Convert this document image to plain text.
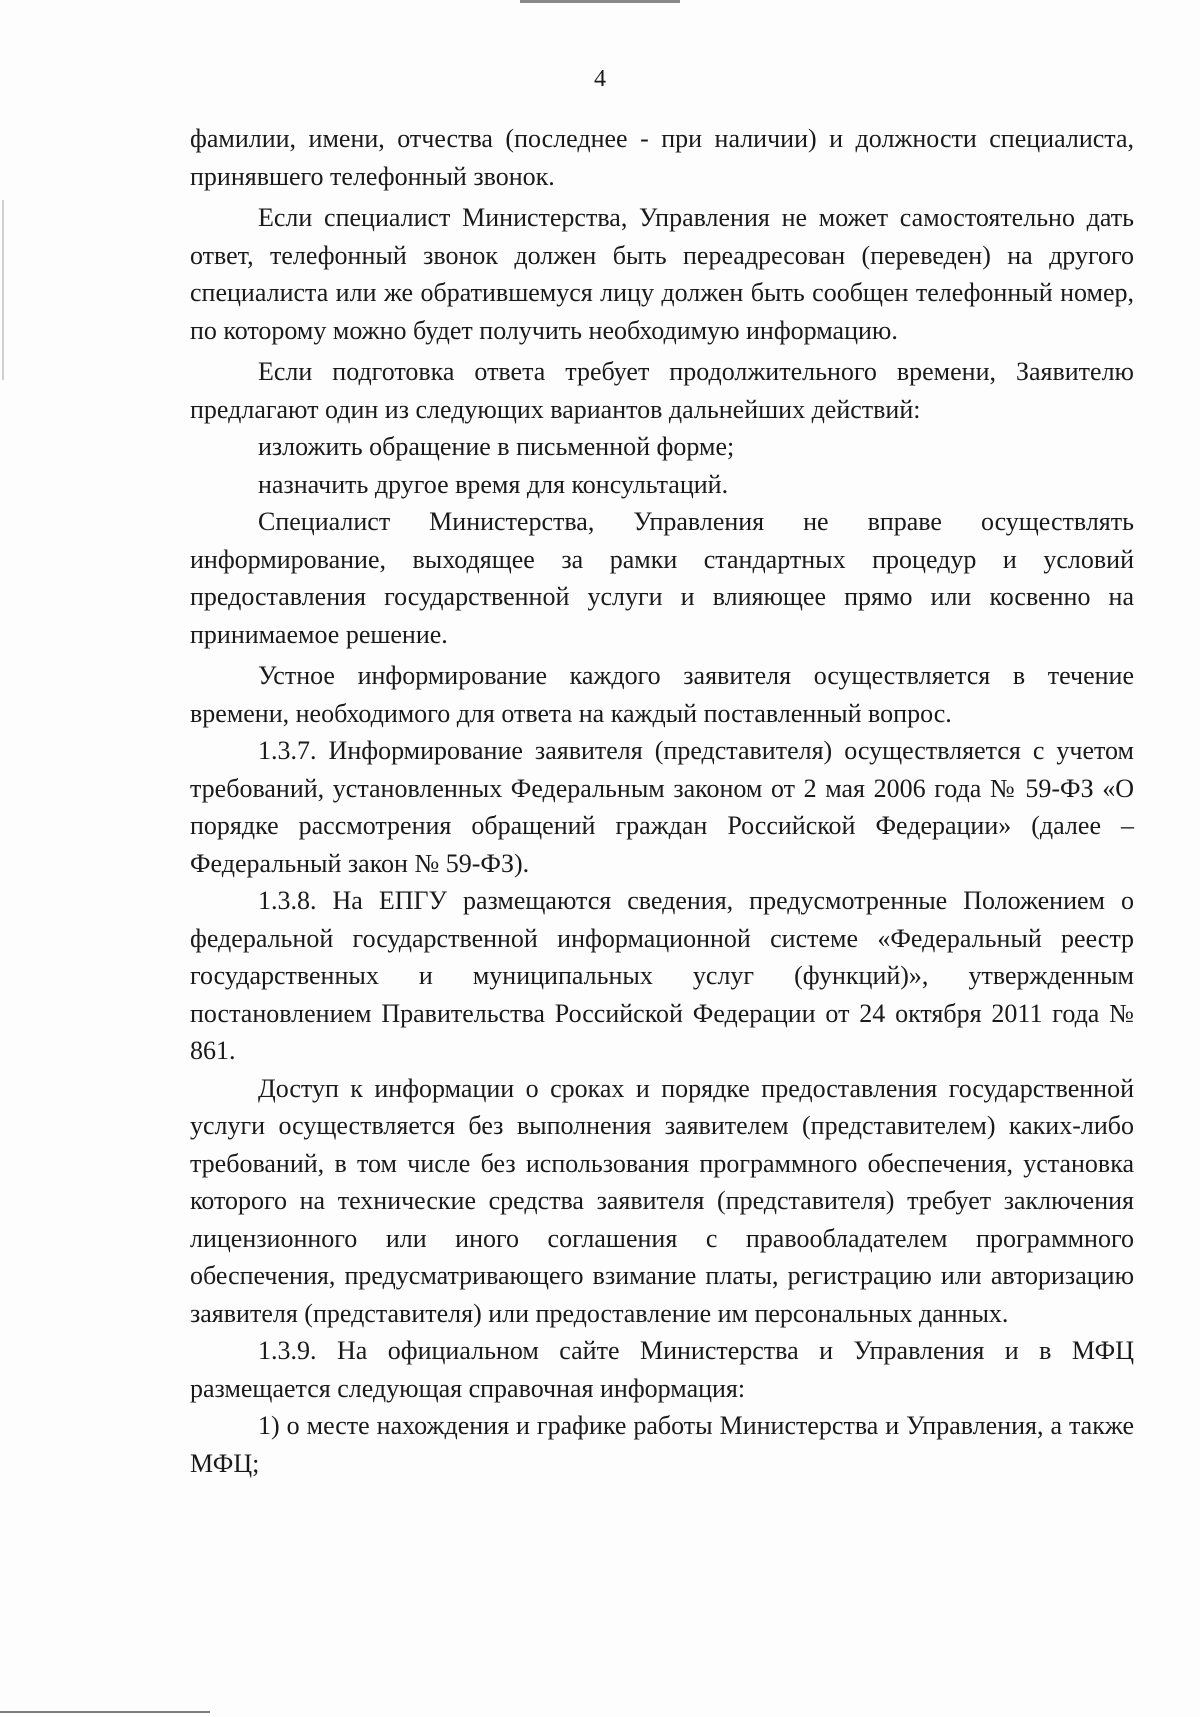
4

фамилии, имени, отчества (последнее - при наличии) и должности специалиста, принявшего телефонный звонок.

Если специалист Министерства, Управления не может самостоятельно дать ответ, телефонный звонок должен быть переадресован (переведен) на другого специалиста или же обратившемуся лицу должен быть сообщен телефонный номер, по которому можно будет получить необходимую информацию.

Если подготовка ответа требует продолжительного времени, Заявителю предлагают один из следующих вариантов дальнейших действий:

изложить обращение в письменной форме;

назначить другое время для консультаций.

Специалист Министерства, Управления не вправе осуществлять информирование, выходящее за рамки стандартных процедур и условий предоставления государственной услуги и влияющее прямо или косвенно на принимаемое решение.

Устное информирование каждого заявителя осуществляется в течение времени, необходимого для ответа на каждый поставленный вопрос.

1.3.7. Информирование заявителя (представителя) осуществляется с учетом требований, установленных Федеральным законом от 2 мая 2006 года № 59-ФЗ «О порядке рассмотрения обращений граждан Российской Федерации» (далее – Федеральный закон № 59-ФЗ).

1.3.8. На ЕПГУ размещаются сведения, предусмотренные Положением о федеральной государственной информационной системе «Федеральный реестр государственных и муниципальных услуг (функций)», утвержденным постановлением Правительства Российской Федерации от 24 октября 2011 года № 861.

Доступ к информации о сроках и порядке предоставления государственной услуги осуществляется без выполнения заявителем (представителем) каких-либо требований, в том числе без использования программного обеспечения, установка которого на технические средства заявителя (представителя) требует заключения лицензионного или иного соглашения с правообладателем программного обеспечения, предусматривающего взимание платы, регистрацию или авторизацию заявителя (представителя) или предоставление им персональных данных.

1.3.9. На официальном сайте Министерства и Управления и в МФЦ размещается следующая справочная информация:

1) о месте нахождения и графике работы Министерства и Управления, а также МФЦ;
